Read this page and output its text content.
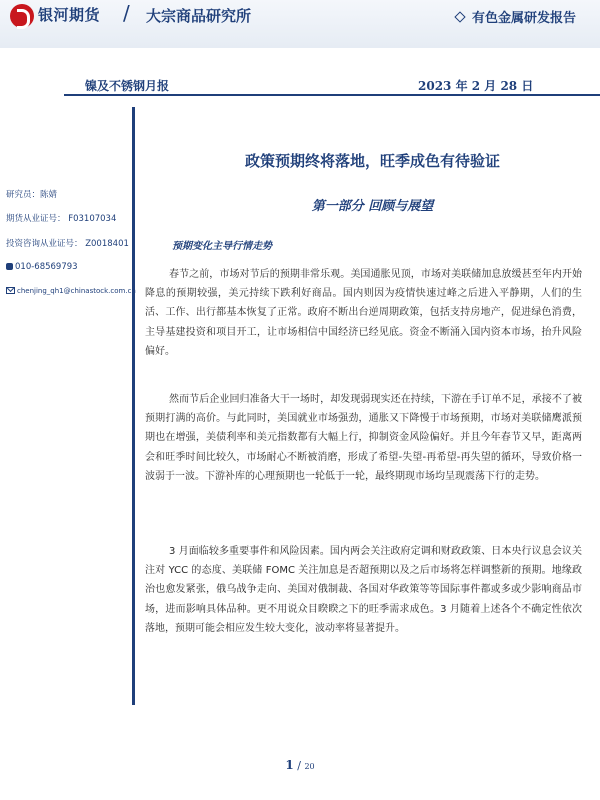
银河期货 / 大宗商品研究所	有色金属研发报告
镍及不锈钢月报	2023 年 2 月 28 日
研究员：陈婧
期货从业证号： F03107034
投资咨询从业证号： Z0018401
010-68569793
chenjing_qh1@chinastock.com.cn
政策预期终将落地，旺季成色有待验证
第一部分 回顾与展望
预期变化主导行情走势

春节之前，市场对节后的预期非常乐观。美国通胀见顶，市场对美联储加息放缓甚至年内开始降息的预期较强，美元持续下跌利好商品。国内则因为疫情快速过峰之后进入平静期，人们的生活、工作、出行都基本恢复了正常。政府不断出台逆周期政策，包括支持房地产，促进绿色消费，主导基建投资和项目开工，让市场相信中国经济已经见底。资金不断涌入国内资本市场，抬升风险偏好。

然而节后企业回归准备大干一场时，却发现弱现实还在持续，下游在手订单不足，承接不了被预期打满的高价。与此同时，美国就业市场强劲，通胀又下降慢于市场预期，市场对美联储鹰派预期也在增强，美债利率和美元指数都有大幅上行，抑制资金风险偏好。并且今年春节又早，距离两会和旺季时间比较久，市场耐心不断被消磨，形成了希望-失望-再希望-再失望的循环，导致价格一波弱于一波。下游补库的心理预期也一轮低于一轮，最终期现市场均呈现震荡下行的走势。

3 月面临较多重要事件和风险因素。国内两会关注政府定调和财政政策、日本央行议息会议关注对 YCC 的态度、美联储 FOMC 关注加息是否超预期以及之后市场将怎样调整新的预期。地缘政治也愈发紧张，俄乌战争走向、美国对俄制裁、各国对华政策等等国际事件都或多或少影响商品市场，进而影响具体品种。更不用说众目睽睽之下的旺季需求成色。3 月随着上述各个不确定性依次落地，预期可能会相应发生较大变化，波动率将显著提升。

1 / 20
